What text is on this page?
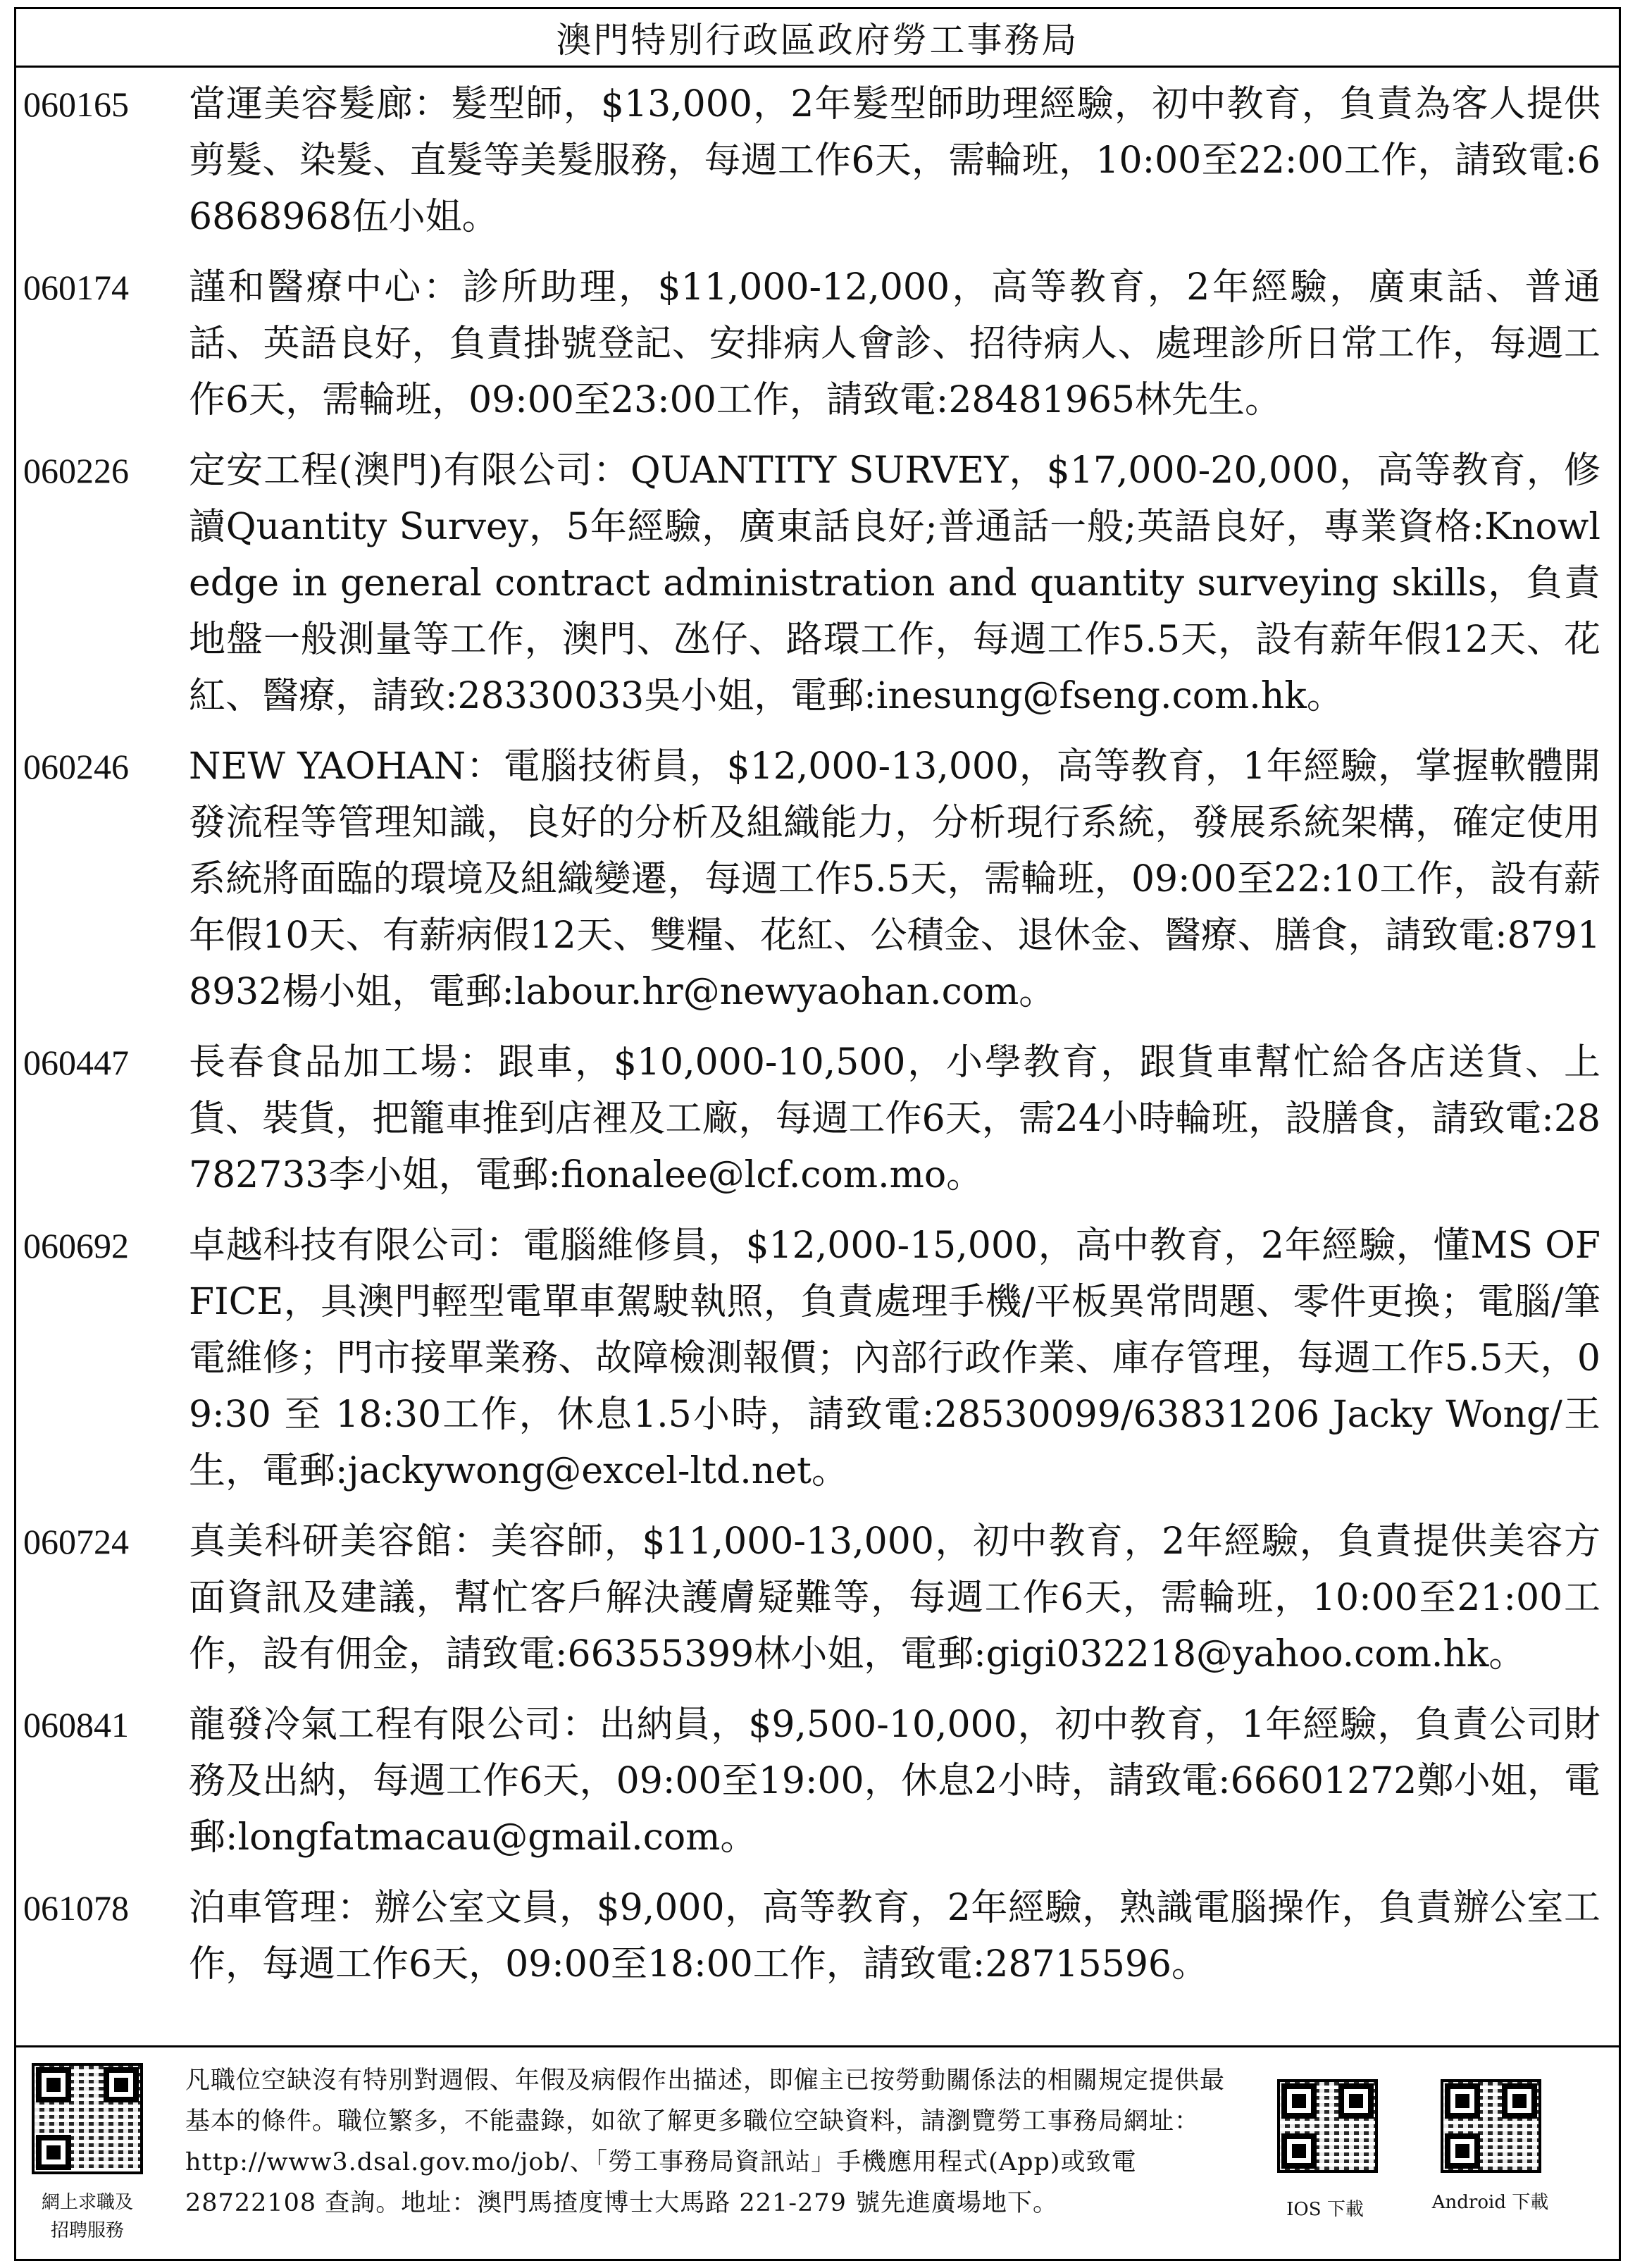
澳門特別行政區政府勞工事務局
060165	當運美容髮廊：髮型師，$13,000，2年髮型師助理經驗，初中教育，負責為客人提供剪髮、染髮、直髮等美髮服務，每週工作6天，需輪班，10:00至22:00工作，請致電:66868968伍小姐。
060174	謹和醫療中心：診所助理，$11,000-12,000，高等教育，2年經驗，廣東話、普通話、英語良好，負責掛號登記、安排病人會診、招待病人、處理診所日常工作，每週工作6天，需輪班，09:00至23:00工作，請致電:28481965林先生。
060226	定安工程(澳門)有限公司：QUANTITY SURVEY，$17,000-20,000，高等教育，修讀Quantity Survey，5年經驗，廣東話良好;普通話一般;英語良好，專業資格:Knowledge in general contract administration and quantity surveying skills，負責地盤一般測量等工作，澳門、氹仔、路環工作，每週工作5.5天，設有薪年假12天、花紅、醫療，請致:28330033吳小姐，電郵:inesung@fseng.com.hk。
060246	NEW YAOHAN：電腦技術員，$12,000-13,000，高等教育，1年經驗，掌握軟體開發流程等管理知識，良好的分析及組織能力，分析現行系統，發展系統架構，確定使用系統將面臨的環境及組織變遷，每週工作5.5天，需輪班，09:00至22:10工作，設有薪年假10天、有薪病假12天、雙糧、花紅、公積金、退休金、醫療、膳食，請致電:87918932楊小姐，電郵:labour.hr@newyaohan.com。
060447	長春食品加工場：跟車，$10,000-10,500，小學教育，跟貨車幫忙給各店送貨、上貨、裝貨，把籠車推到店裡及工廠，每週工作6天，需24小時輪班，設膳食，請致電:28782733李小姐，電郵:fionalee@lcf.com.mo。
060692	卓越科技有限公司：電腦維修員，$12,000-15,000，高中教育，2年經驗，懂MS OFFICE，具澳門輕型電單車駕駛執照，負責處理手機/平板異常問題、零件更換；電腦/筆電維修；門市接單業務、故障檢測報價；內部行政作業、庫存管理，每週工作5.5天，09:30 至 18:30工作，休息1.5小時，請致電:28530099/63831206 Jacky Wong/王生，電郵:jackywong@excel-ltd.net。
060724	真美科研美容館：美容師，$11,000-13,000，初中教育，2年經驗，負責提供美容方面資訊及建議，幫忙客戶解決護膚疑難等，每週工作6天，需輪班，10:00至21:00工作，設有佣金，請致電:66355399林小姐，電郵:gigi032218@yahoo.com.hk。
060841	龍發冷氣工程有限公司：出納員，$9,500-10,000，初中教育，1年經驗，負責公司財務及出納，每週工作6天，09:00至19:00，休息2小時，請致電:66601272鄭小姐，電郵:longfatmacau@gmail.com。
061078	泊車管理：辦公室文員，$9,000，高等教育，2年經驗，熟識電腦操作，負責辦公室工作，每週工作6天，09:00至18:00工作，請致電:28715596。
網上求職及
招聘服務
凡職位空缺沒有特別對週假、年假及病假作出描述，即僱主已按勞動關係法的相關規定提供最基本的條件。職位繁多，不能盡錄，如欲了解更多職位空缺資料，請瀏覽勞工事務局網址：http://www3.dsal.gov.mo/job/、「勞工事務局資訊站」手機應用程式(App)或致電 28722108 查詢。地址：澳門馬揸度博士大馬路 221-279 號先進廣場地下。	IOS 下載	Android 下載
